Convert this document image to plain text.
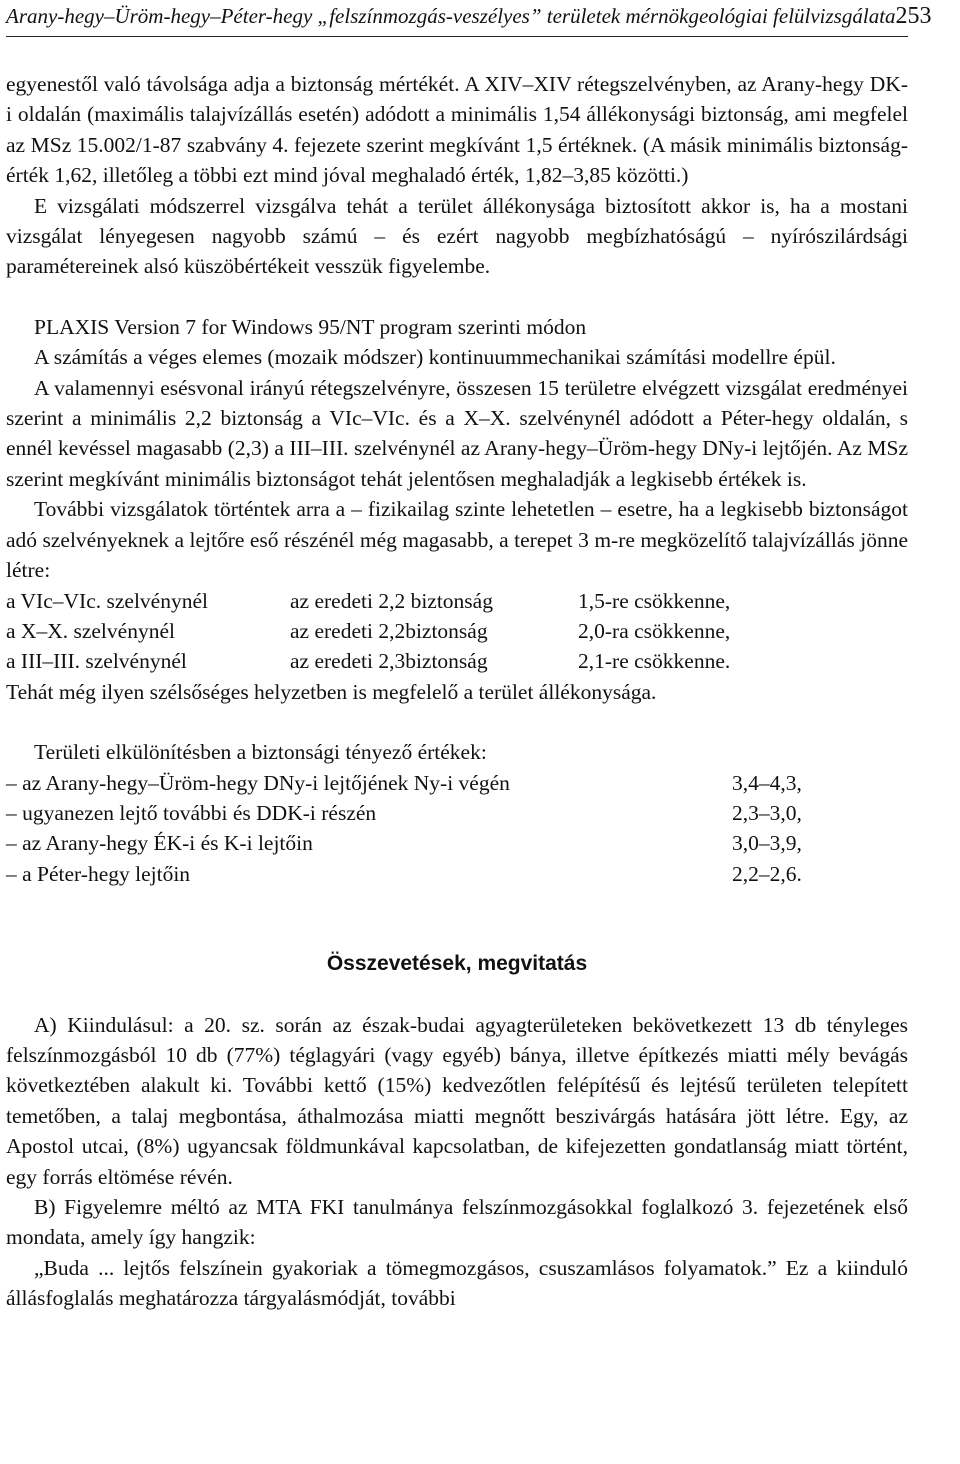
Arany-hegy–Üröm-hegy–Péter-hegy „felszínmozgás-veszélyes” területek mérnökgeológiai felülvizsgálata253

egyenestől való távolsága adja a biztonság mértékét. A XIV–XIV rétegszelvényben, az Arany-hegy DK-i oldalán (maximális talajvízállás esetén) adódott a minimális 1,54 állékonysági biztonság, ami megfelel az MSz 15.002/1-87 szabvány 4. fejezete szerint megkívánt 1,5 értéknek. (A másik minimális biztonság-érték 1,62, illetőleg a többi ezt mind jóval meghaladó érték, 1,82–3,85 közötti.)

E vizsgálati módszerrel vizsgálva tehát a terület állékonysága biztosított akkor is, ha a mostani vizsgálat lényegesen nagyobb számú – és ezért nagyobb megbízhatóságú – nyírószilárdsági paramétereinek alsó küszöbértékeit vesszük figyelembe.

PLAXIS Version 7 for Windows 95/NT program szerinti módon

A számítás a véges elemes (mozaik módszer) kontinuummechanikai számítási modellre épül.

A valamennyi esésvonal irányú rétegszelvényre, összesen 15 területre elvégzett vizsgálat eredményei szerint a minimális 2,2 biztonság a VIc–VIc. és a X–X. szelvénynél adódott a Péter-hegy oldalán, s ennél kevéssel magasabb (2,3) a III–III. szelvénynél az Arany-hegy–Üröm-hegy DNy-i lejtőjén. Az MSz szerint megkívánt minimális biztonságot tehát jelentősen meghaladják a legkisebb értékek is.

További vizsgálatok történtek arra a – fizikailag szinte lehetetlen – esetre, ha a legkisebb biztonságot adó szelvényeknek a lejtőre eső részénél még magasabb, a terepet 3 m-re megközelítő talajvízállás jönne létre:

a VIc–VIc. szelvénynél	az eredeti 2,2 biztonság	1,5-re csökkenne,
a X–X. szelvénynél	az eredeti 2,2biztonság	2,0-ra csökkenne,
a III–III. szelvénynél	az eredeti 2,3biztonság	2,1-re csökkenne.

Tehát még ilyen szélsőséges helyzetben is megfelelő a terület állékonysága.

Területi elkülönítésben a biztonsági tényező értékek:

– az Arany-hegy–Üröm-hegy DNy-i lejtőjének Ny-i végén	3,4–4,3,
– ugyanezen lejtő további és DDK-i részén	2,3–3,0,
– az Arany-hegy ÉK-i és K-i lejtőin	3,0–3,9,
– a Péter-hegy lejtőin	2,2–2,6.
Összevetések, megvitatás

A) Kiindulásul: a 20. sz. során az észak-budai agyagterületeken bekövetkezett 13 db tényleges felszínmozgásból 10 db (77%) téglagyári (vagy egyéb) bánya, illetve építkezés miatti mély bevágás következtében alakult ki. További kettő (15%) kedvezőtlen felépítésű és lejtésű területen telepített temetőben, a talaj megbontása, áthalmozása miatti megnőtt beszivárgás hatására jött létre. Egy, az Apostol utcai, (8%) ugyancsak földmunkával kapcsolatban, de kifejezetten gondatlanság miatt történt, egy forrás eltömése révén.

B) Figyelemre méltó az MTA FKI tanulmánya felszínmozgásokkal foglalkozó 3. fejezetének első mondata, amely így hangzik:

„Buda ... lejtős felszínein gyakoriak a tömegmozgásos, csuszamlásos folyamatok.” Ez a kiinduló állásfoglalás meghatározza tárgyalásmódját, további
